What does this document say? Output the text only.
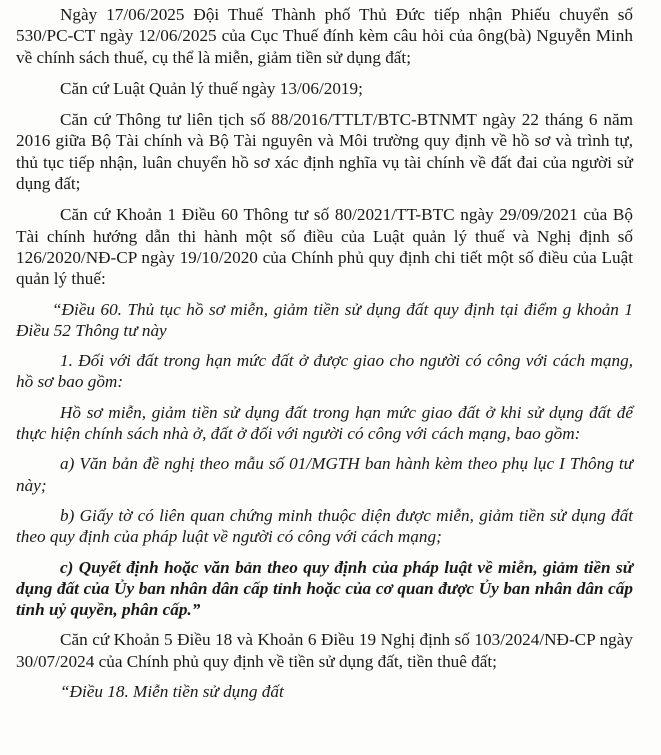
Ngày 17/06/2025 Đội Thuế Thành phố Thủ Đức tiếp nhận Phiếu chuyển số 530/PC-CT ngày 12/06/2025 của Cục Thuế đính kèm câu hỏi của ông(bà) Nguyễn Minh về chính sách thuế, cụ thể là miễn, giảm tiền sử dụng đất;

Căn cứ Luật Quản lý thuế ngày 13/06/2019;

Căn cứ Thông tư liên tịch số 88/2016/TTLT/BTC-BTNMT ngày 22 tháng 6 năm 2016 giữa Bộ Tài chính và Bộ Tài nguyên và Môi trường quy định về hồ sơ và trình tự, thủ tục tiếp nhận, luân chuyển hồ sơ xác định nghĩa vụ tài chính về đất đai của người sử dụng đất;

Căn cứ Khoản 1 Điều 60 Thông tư số 80/2021/TT-BTC ngày 29/09/2021 của Bộ Tài chính hướng dẫn thi hành một số điều của Luật quản lý thuế và Nghị định số 126/2020/NĐ-CP ngày 19/10/2020 của Chính phủ quy định chi tiết một số điều của Luật quản lý thuế:

“Điều 60. Thủ tục hồ sơ miễn, giảm tiền sử dụng đất quy định tại điểm g khoản 1 Điều 52 Thông tư này

1. Đối với đất trong hạn mức đất ở được giao cho người có công với cách mạng, hồ sơ bao gồm:

Hồ sơ miễn, giảm tiền sử dụng đất trong hạn mức giao đất ở khi sử dụng đất để thực hiện chính sách nhà ở, đất ở đối với người có công với cách mạng, bao gồm:

a) Văn bản đề nghị theo mẫu số 01/MGTH ban hành kèm theo phụ lục I Thông tư này;

b) Giấy tờ có liên quan chứng minh thuộc diện được miễn, giảm tiền sử dụng đất theo quy định của pháp luật về người có công với cách mạng;

c) Quyết định hoặc văn bản theo quy định của pháp luật về miễn, giảm tiền sử dụng đất của Ủy ban nhân dân cấp tỉnh hoặc của cơ quan được Ủy ban nhân dân cấp tỉnh uỷ quyền, phân cấp.”

Căn cứ Khoản 5 Điều 18 và Khoản 6 Điều 19 Nghị định số 103/2024/NĐ-CP ngày 30/07/2024 của Chính phủ quy định về tiền sử dụng đất, tiền thuê đất;

“Điều 18. Miễn tiền sử dụng đất
